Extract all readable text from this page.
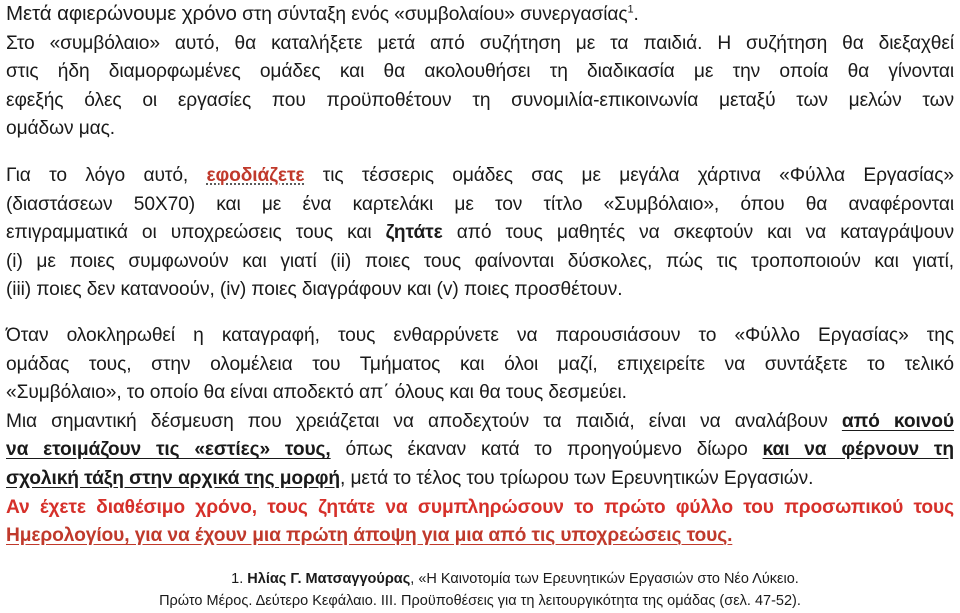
Μετά αφιερώνουμε χρόνο στη σύνταξη ενός «συμβολαίου» συνεργασίας$^1$.
Στο «συμβόλαιο» αυτό, θα καταλήξετε μετά από συζήτηση με τα παιδιά. Η συζήτηση θα διεξαχθεί
στις ήδη διαμορφωμένες ομάδες και θα ακολουθήσει τη διαδικασία με την οποία θα γίνονται
εφεξής όλες οι εργασίες που προϋποθέτουν τη συνομιλία-επικοινωνία μεταξύ των μελών των
ομάδων μας.
Για το λόγο αυτό, εφοδιάζετε τις τέσσερις ομάδες σας με μεγάλα χάρτινα «Φύλλα Εργασίας»
(διαστάσεων 50Χ70) και με ένα καρτελάκι με τον τίτλο «Συμβόλαιο», όπου θα αναφέρονται
επιγραμματικά οι υποχρεώσεις τους και ζητάτε από τους μαθητές να σκεφτούν και να καταγράψουν
(i) με ποιες συμφωνούν και γιατί (ii) ποιες τους φαίνονται δύσκολες, πώς τις τροποποιούν και γιατί,
(iii) ποιες δεν κατανοούν, (iv) ποιες διαγράφουν και (v) ποιες προσθέτουν.
Όταν ολοκληρωθεί η καταγραφή, τους ενθαρρύνετε να παρουσιάσουν το «Φύλλο Εργασίας» της
ομάδας τους, στην ολομέλεια του Τμήματος και όλοι μαζί, επιχειρείτε να συντάξετε το τελικό
«Συμβόλαιο», το οποίο θα είναι αποδεκτό απ΄ όλους και θα τους δεσμεύει.
Μια σημαντική δέσμευση που χρειάζεται να αποδεχτούν τα παιδιά, είναι να αναλάβουν από κοινού
να ετοιμάζουν τις «εστίες» τους, όπως έκαναν κατά το προηγούμενο δίωρο και να φέρνουν τη
σχολική τάξη στην αρχικά της μορφή, μετά το τέλος του τρίωρου των Ερευνητικών Εργασιών.
Αν έχετε διαθέσιμο χρόνο, τους ζητάτε να συμπληρώσουν το πρώτο φύλλο του προσωπικού τους
Ημερολογίου, για να έχουν μια πρώτη άποψη για μια από τις υποχρεώσεις τους.
1. Ηλίας Γ. Ματσαγγούρας, «Η Καινοτομία των Ερευνητικών Εργασιών στο Νέο Λύκειο.
Πρώτο Μέρος. Δεύτερο Κεφάλαιο. ΙΙΙ. Προϋποθέσεις για τη λειτουργικότητα της ομάδας (σελ. 47-52).
